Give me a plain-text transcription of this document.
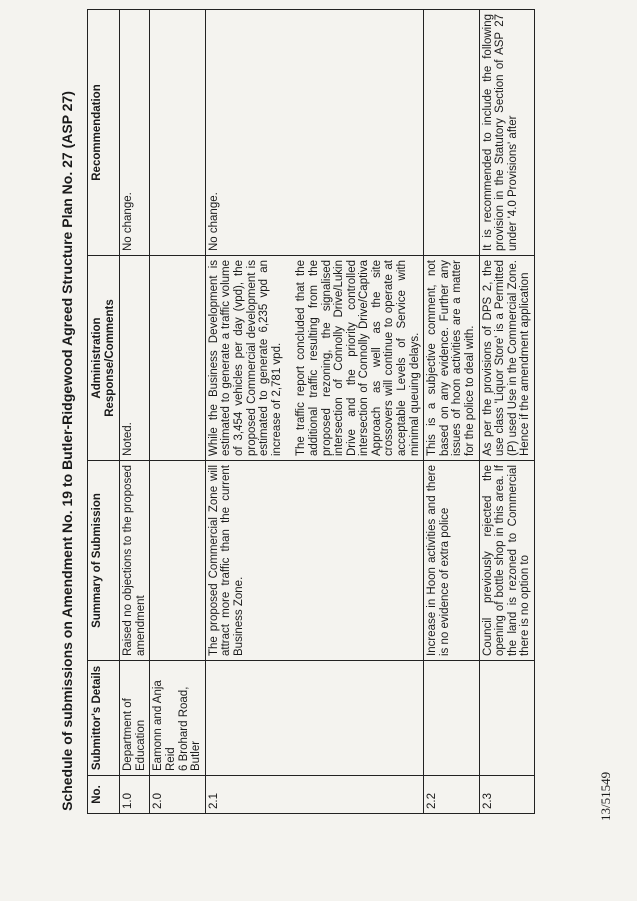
Schedule of submissions on Amendment No. 19 to Butler-Ridgewood Agreed Structure Plan No. 27 (ASP 27) No.	Submittor's Details	Summary of Submission	Administration Response/Comments	Recommendation
1.0	Department of Education	Raised no objections to the proposed amendment	Noted.	No change.

2.0	Eamonn and Anja Reid 6 Brohard Road, Butler			

2.1		The proposed Commercial Zone will attract more traffic than the current Business Zone.	While the Business Development is estimated to generate a traffic volume of 3,454 vehicles per day (vpd), the proposed Commercial development is estimated to generate 6,235 vpd an increase of 2,781 vpd. The traffic report concluded that the additional traffic resulting from the proposed rezoning, the signalised intersection of Connolly Drive/Lukin Drive and the priority controlled intersection of Connolly Drive/Captiva Approach as well as the site crossovers will continue to operate at acceptable Levels of Service with minimal queuing delays.	No change.

2.2		Increase in Hoon activities and there is no evidence of extra police	This is a subjective comment, not based on any evidence. Further any issues of hoon activities are a matter for the police to deal with.	

2.3		Council previously rejected the opening of bottle shop in this area. If the land is rezoned to Commercial there is no option to	As per the provisions of DPS 2, the use class 'Liquor Store' is a Permitted (P) used Use in the Commercial Zone. Hence if the amendment application	It is recommended to include the following provision in the Statutory Section of ASP 27 under '4.0 Provisions' after
13/51549
